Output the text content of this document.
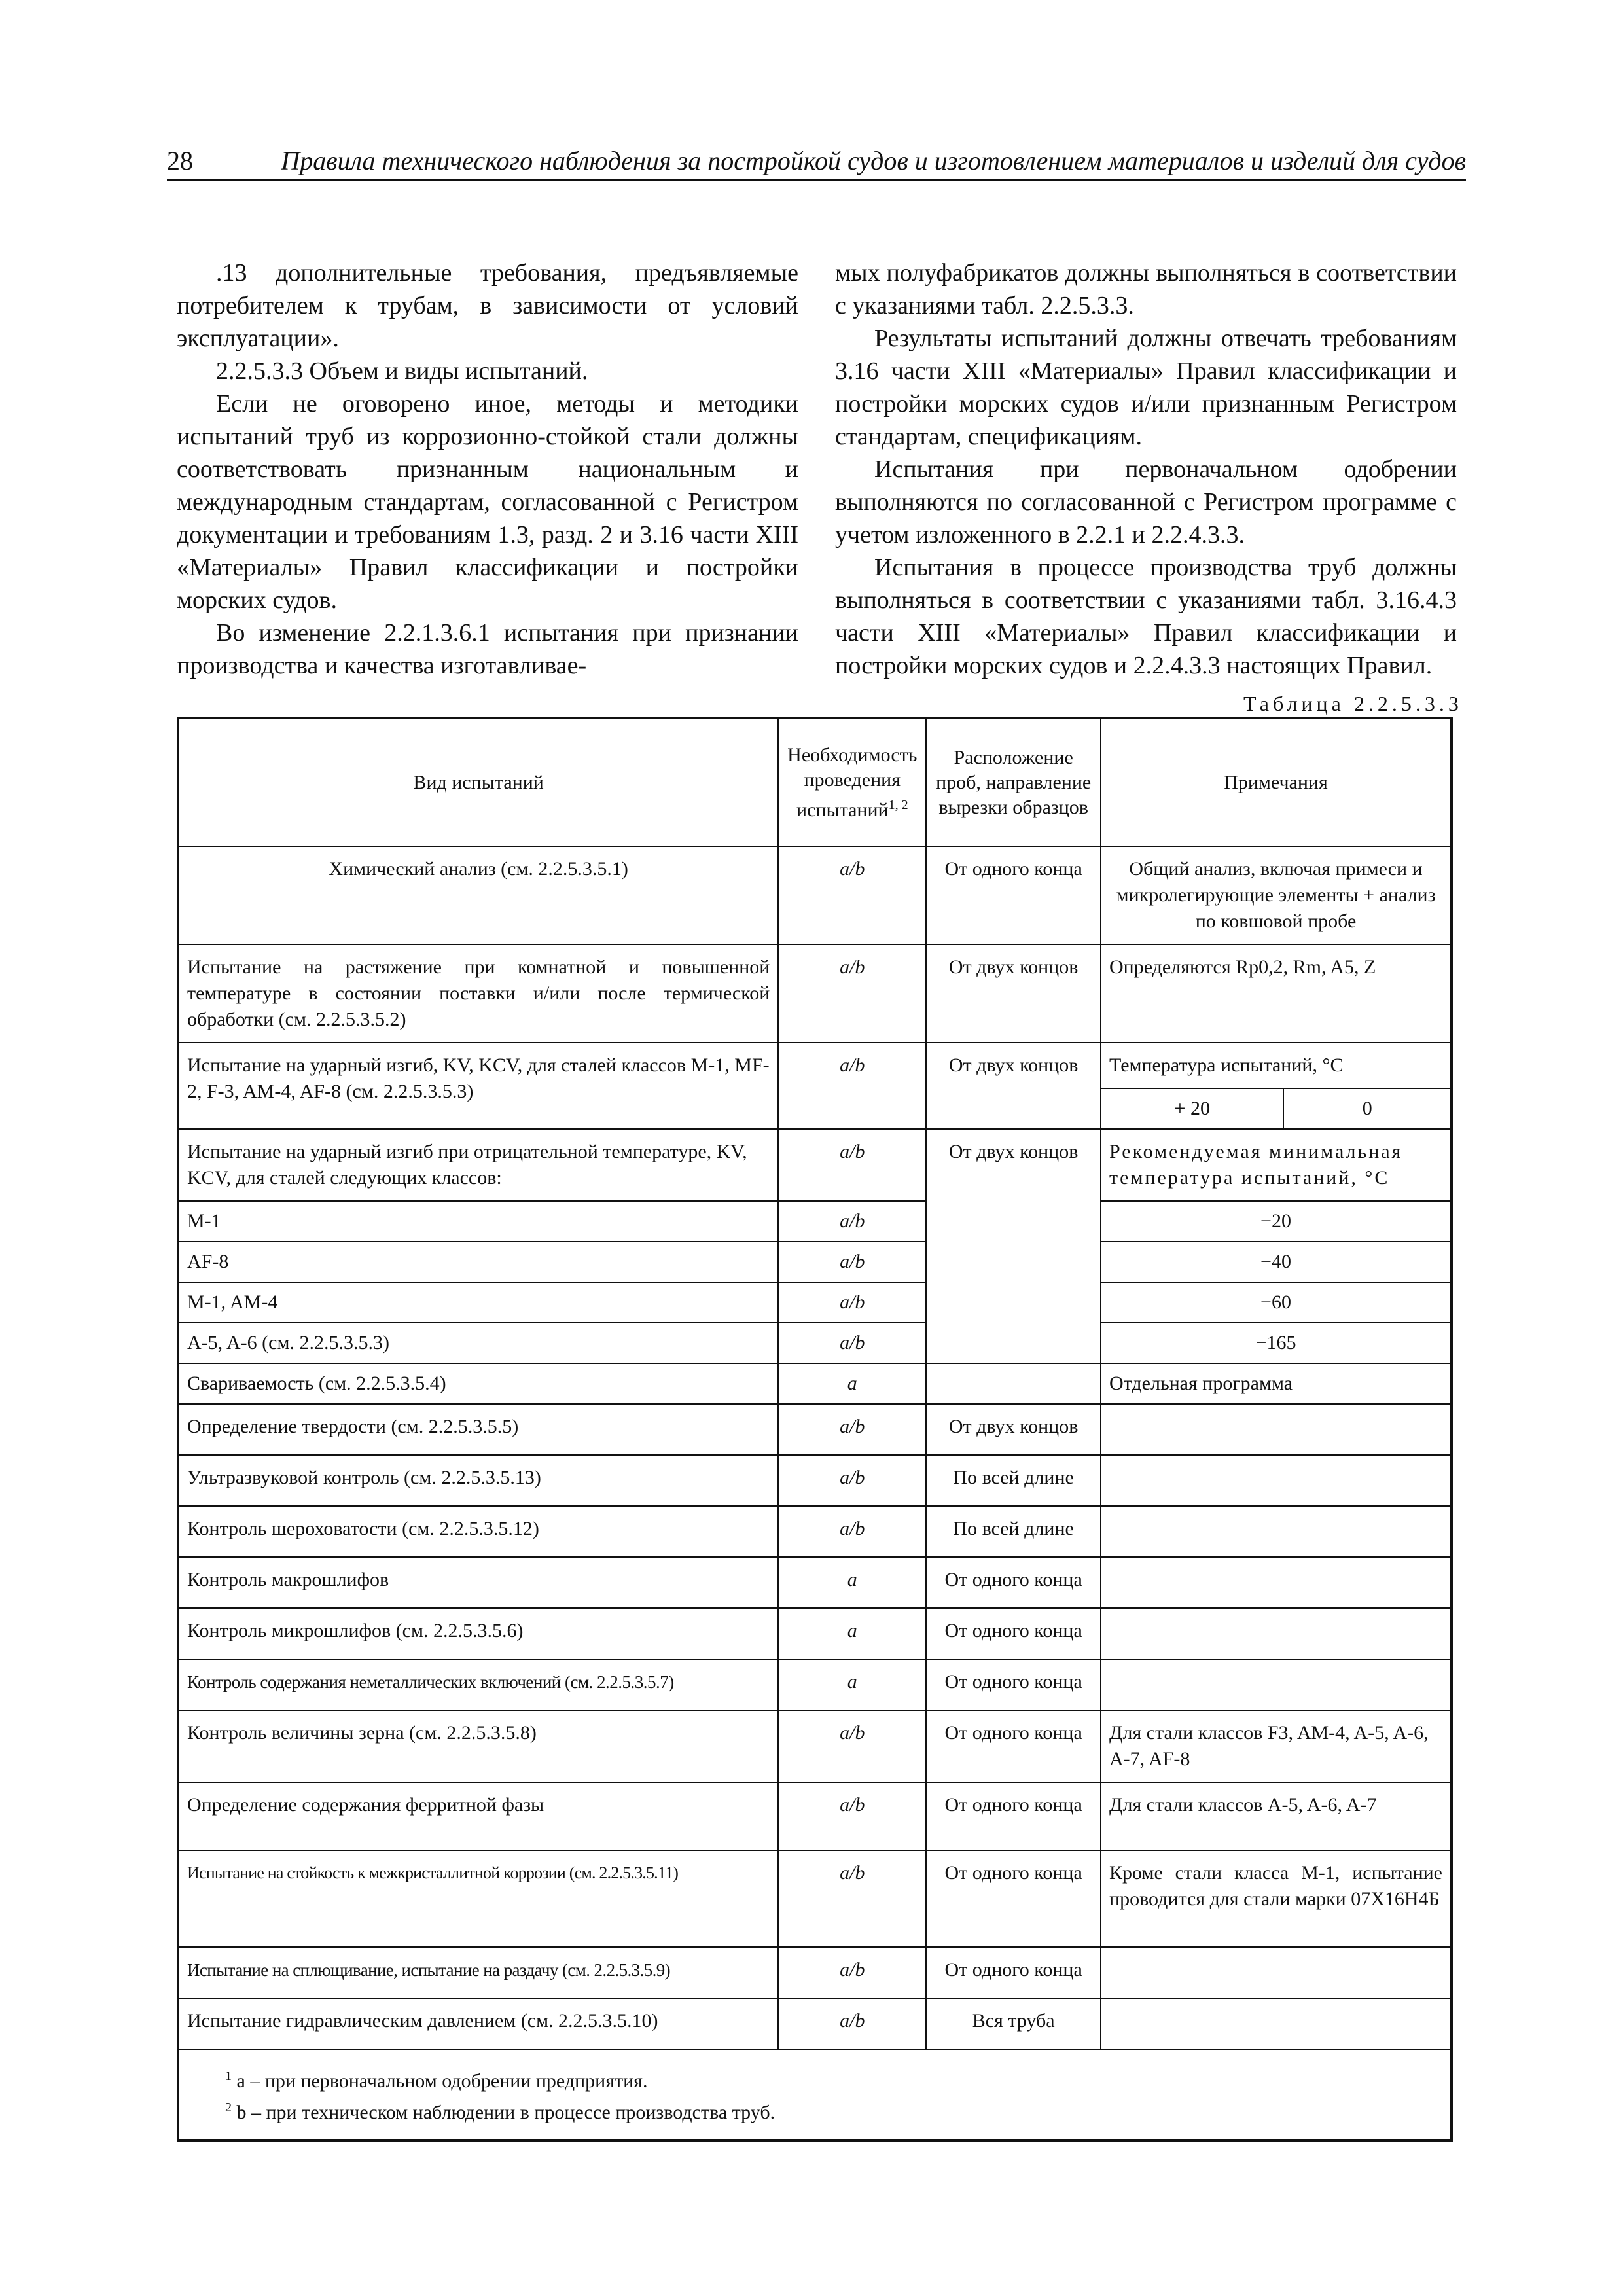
28	Правила технического наблюдения за постройкой судов и изготовлением материалов и изделий для судов

.13 дополнительные требования, предъявляемые потребителем к трубам, в зависимости от условий эксплуатации».

2.2.5.3.3 Объем и виды испытаний.

Если не оговорено иное, методы и методики испытаний труб из коррозионно-стойкой стали должны соответствовать признанным национальным и международным стандартам, согласованной с Регистром документации и требованиям 1.3, разд. 2 и 3.16 части XIII «Материалы» Правил классификации и постройки морских судов.

Во изменение 2.2.1.3.6.1 испытания при признании производства и качества изготавливае-

мых полуфабрикатов должны выполняться в соответствии с указаниями табл. 2.2.5.3.3.

Результаты испытаний должны отвечать требованиям 3.16 части XIII «Материалы» Правил классификации и постройки морских судов и/или признанным Регистром стандартам, спецификациям.

Испытания при первоначальном одобрении выполняются по согласованной с Регистром программе с учетом изложенного в 2.2.1 и 2.2.4.3.3.

Испытания в процессе производства труб должны выполняться в соответствии с указаниями табл. 3.16.4.3 части XIII «Материалы» Правил классификации и постройки морских судов и 2.2.4.3.3 настоящих Правил.

Таблица 2.2.5.3.3
Вид испытаний	Необходимость проведения испытаний$^{1, 2}$	Расположение проб, направление вырезки образцов	Примечания	
Химический анализ (см. 2.2.5.3.5.1)	a/b	От одного конца	Общий анализ, включая примеси и микролегирующие элементы + анализ по ковшовой пробе	
Испытание на растяжение при комнатной и повышенной температуре в состоянии поставки и/или после термической обработки (см. 2.2.5.3.5.2)	a/b	От двух концов	Определяются Rp0,2, Rm, A5, Z	
Испытание на ударный изгиб, KV, KCV, для сталей классов M-1, MF-2, F-3, AM-4, AF-8 (см. 2.2.5.3.5.3)	a/b	От двух концов	Температура испытаний, °C	
			+ 20	0
Испытание на ударный изгиб при отрицательной температуре, KV, KCV, для сталей следующих классов:	a/b	От двух концов	Рекомендуемая минимальная температура испытаний, °C	
M-1	a/b		−20	
AF-8	a/b		−40	
M-1, AM-4	a/b		−60	
A-5, A-6 (см. 2.2.5.3.5.3)	a/b		−165	
Свариваемость (см. 2.2.5.3.5.4)	a		Отдельная программа	
Определение твердости (см. 2.2.5.3.5.5)	a/b	От двух концов		
Ультразвуковой контроль (см. 2.2.5.3.5.13)	a/b	По всей длине		
Контроль шероховатости (см. 2.2.5.3.5.12)	a/b	По всей длине		
Контроль макрошлифов	a	От одного конца		
Контроль микрошлифов (см. 2.2.5.3.5.6)	a	От одного конца		
Контроль содержания неметаллических включений (см. 2.2.5.3.5.7)	a	От одного конца		
Контроль величины зерна (см. 2.2.5.3.5.8)	a/b	От одного конца	Для стали классов F3, AM-4, A-5, A-6, A-7, AF-8	
Определение содержания ферритной фазы	a/b	От одного конца	Для стали классов A-5, A-6, A-7	
Испытание на стойкость к межкристаллитной коррозии (см. 2.2.5.3.5.11)	a/b	От одного конца	Кроме стали класса M-1, испытание проводится для стали марки 07X16H4Б	
Испытание на сплющивание, испытание на раздачу (см. 2.2.5.3.5.9)	a/b	От одного конца		
Испытание гидравлическим давлением (см. 2.2.5.3.5.10)	a/b	Вся труба		

$^1$ a – при первоначальном одобрении предприятия.
$^2$ b – при техническом наблюдении в процессе производства труб.				
